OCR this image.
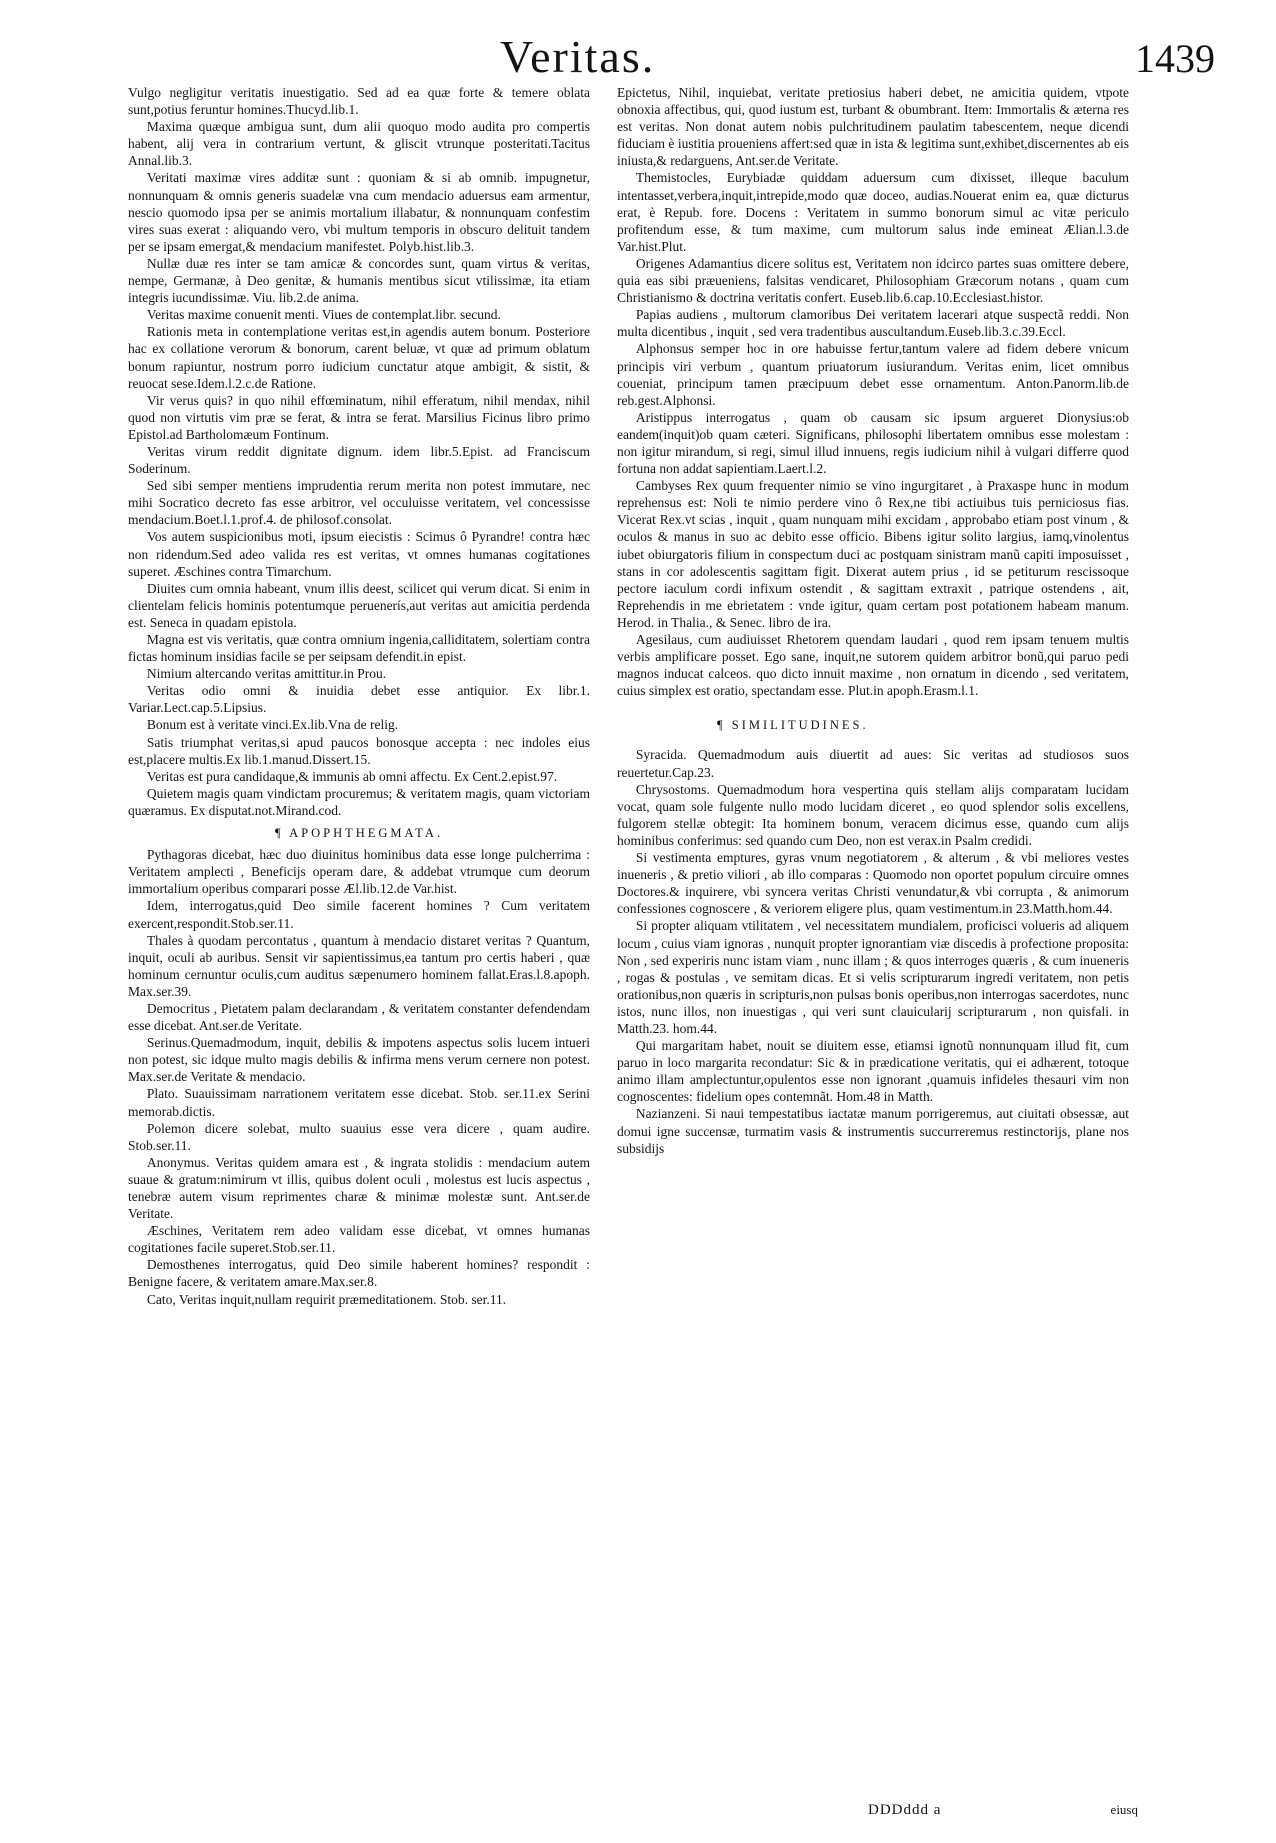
Veritas.	1439

Vulgo negligitur veritatis inuestigatio. Sed ad ea quæ forte & temere oblata sunt,potius feruntur homines.Thucyd.lib.1.

Maxima quæque ambigua sunt, dum alii quoquo modo audita pro compertis habent, alij vera in contrarium vertunt, & gliscit vtrunque posteritati.Tacitus Annal.lib.3.

Veritati maximæ vires additæ sunt : quoniam & si ab omnib. impugnetur, nonnunquam & omnis generis suadelæ vna cum mendacio aduersus eam armentur, nescio quomodo ipsa per se animis mortalium illabatur, & nonnunquam confestim vires suas exerat : aliquando vero, vbi multum temporis in obscuro delituit tandem per se ipsam emergat,& mendacium manifestet. Polyb.hist.lib.3.

Nullæ duæ res inter se tam amicæ & concordes sunt, quam virtus & veritas, nempe, Germanæ, à Deo genitæ, & humanis mentibus sicut vtilissimæ, ita etiam integris iucundissimæ. Viu. lib.2.de anima.

Veritas maxime conuenit menti. Viues de contemplat.libr. secund.

Rationis meta in contemplatione veritas est,in agendis autem bonum. Posteriore hac ex collatione verorum & bonorum, carent beluæ, vt quæ ad primum oblatum bonum rapiuntur, nostrum porro iudicium cunctatur atque ambigit, & sistit, & reuocat sese.Idem.l.2.c.de Ratione.

Vir verus quis? in quo nihil effœminatum, nihil efferatum, nihil mendax, nihil quod non virtutis vim præ se ferat, & intra se ferat. Marsilius Ficinus libro primo Epistol.ad Bartholomæum Fontinum.

Veritas virum reddit dignitate dignum. idem libr.5.Epist. ad Franciscum Soderinum.

Sed sibi semper mentiens imprudentia rerum merita non potest immutare, nec mihi Socratico decreto fas esse arbitror, vel occuluisse veritatem, vel concessisse mendacium.Boet.l.1.prof.4. de philosof.consolat.

Vos autem suspicionibus moti, ipsum eiecistis : Scimus ô Pyrandre! contra hæc non ridendum.Sed adeo valida res est veritas, vt omnes humanas cogitationes superet. Æschines contra Timarchum.

Diuites cum omnia habeant, vnum illis deest, scilicet qui verum dicat. Si enim in clientelam felicis hominis potentumque peruenerís,aut veritas aut amicitia perdenda est. Seneca in quadam epistola.

Magna est vis veritatis, quæ contra omnium ingenia,calliditatem, solertiam contra fictas hominum insidias facile se per seipsam defendit.in epist.

Nimium altercando veritas amittitur.in Prou.

Veritas odio omni & inuidia debet esse antiquior. Ex libr.1. Variar.Lect.cap.5.Lipsius.

Bonum est à veritate vinci.Ex.lib.Vna de relig.

Satis triumphat veritas,si apud paucos bonosque accepta : nec indoles eius est,placere multis.Ex lib.1.manud.Dissert.15.

Veritas est pura candidaque,& immunis ab omni affectu. Ex Cent.2.epist.97.

Quietem magis quam vindictam procuremus; & veritatem magis, quam victoriam quæramus. Ex disputat.not.Mirand.cod.

¶ APOPHTHEGMATA.

Pythagoras dicebat, hæc duo diuinitus hominibus data esse longe pulcherrima : Veritatem amplecti , Beneficijs operam dare, & addebat vtrumque cum deorum immortalium operibus comparari posse Æl.lib.12.de Var.hist.

Idem, interrogatus,quid Deo simile facerent homines ? Cum veritatem exercent,respondit.Stob.ser.11.

Thales à quodam percontatus , quantum à mendacio distaret veritas ? Quantum, inquit, oculi ab auribus. Sensit vir sapientissimus,ea tantum pro certis haberi , quæ hominum cernuntur oculis,cum auditus sæpenumero hominem fallat.Eras.l.8.apoph. Max.ser.39.

Democritus , Pietatem palam declarandam , & veritatem constanter defendendam esse dicebat. Ant.ser.de Veritate.

Serinus.Quemadmodum, inquit, debilis & impotens aspectus solis lucem intueri non potest, sic idque multo magis debilis & infirma mens verum cernere non potest. Max.ser.de Veritate & mendacio.

Plato. Suauissimam narrationem veritatem esse dicebat. Stob. ser.11.ex Serini memorab.dictis.

Polemon dicere solebat, multo suauius esse vera dicere , quam audire. Stob.ser.11.

Anonymus. Veritas quidem amara est , & ingrata stolidis : mendacium autem suaue & gratum:nimirum vt illis, quibus dolent oculi , molestus est lucis aspectus , tenebræ autem visum reprimentes charæ & minimæ molestæ sunt. Ant.ser.de Veritate.

Æschines, Veritatem rem adeo validam esse dicebat, vt omnes humanas cogitationes facile superet.Stob.ser.11.

Demosthenes interrogatus, quid Deo simile haberent homines? respondit : Benigne facere, & veritatem amare.Max.ser.8.

Cato, Veritas inquit,nullam requirit præmeditationem. Stob. ser.11.

Epictetus, Nihil, inquiebat, veritate pretiosius haberi debet, ne amicitia quidem, vtpote obnoxia affectibus, qui, quod iustum est, turbant & obumbrant. Item: Immortalis & æterna res est veritas. Non donat autem nobis pulchritudinem paulatim tabescentem, neque dicendi fiduciam è iustitia proueniens affert:sed quæ in ista & legitima sunt,exhibet,discernentes ab eis iniusta,& redarguens, Ant.ser.de Veritate.

Themistocles, Eurybiadæ quiddam aduersum cum dixisset, illeque baculum intentasset,verbera,inquit,intrepide,modo quæ doceo, audias.Nouerat enim ea, quæ dicturus erat, è Repub. fore. Docens : Veritatem in summo bonorum simul ac vitæ periculo profitendum esse, & tum maxime, cum multorum salus inde emineat Ælian.l.3.de Var.hist.Plut.

Origenes Adamantius dicere solitus est, Veritatem non idcirco partes suas omittere debere, quia eas sibi præueniens, falsitas vendicaret, Philosophiam Græcorum notans , quam cum Christianismo & doctrina veritatis confert. Euseb.lib.6.cap.10.Ecclesiast.histor.

Papias audiens , multorum clamoribus Dei veritatem lacerari atque suspectã reddi. Non multa dicentibus , inquit , sed vera tradentibus auscultandum.Euseb.lib.3.c.39.Eccl.

Alphonsus semper hoc in ore habuisse fertur,tantum valere ad fidem debere vnicum principis viri verbum , quantum priuatorum iusiurandum. Veritas enim, licet omnibus coueniat, principum tamen præcipuum debet esse ornamentum. Anton.Panorm.lib.de reb.gest.Alphonsi.

Aristippus interrogatus , quam ob causam sic ipsum argueret Dionysius:ob eandem(inquit)ob quam cæteri. Significans, philosophi libertatem omnibus esse molestam : non igitur mirandum, si regi, simul illud innuens, regis iudicium nihil à vulgari differre quod fortuna non addat sapientiam.Laert.l.2.

Cambyses Rex quum frequenter nimio se vino ingurgitaret , à Praxaspe hunc in modum reprehensus est: Noli te nimio perdere vino ô Rex,ne tibi actiuibus tuis perniciosus fias. Vicerat Rex.vt scias , inquit , quam nunquam mihi excidam , approbabo etiam post vinum , & oculos & manus in suo ac debito esse officio. Bibens igitur solito largius, iamq,vinolentus iubet obiurgatoris filium in conspectum duci ac postquam sinistram manũ capiti imposuisset , stans in cor adolescentis sagittam figit. Dixerat autem prius , id se petiturum rescissoque pectore iaculum cordi infixum ostendit , & sagittam extraxit , patrique ostendens , ait, Reprehendis in me ebrietatem : vnde igitur, quam certam post potationem habeam manum. Herod. in Thalia., & Senec. libro de ira.

Agesilaus, cum audiuisset Rhetorem quendam laudari , quod rem ipsam tenuem multis verbis amplificare posset. Ego sane, inquit,ne sutorem quidem arbitror bonũ,qui paruo pedi magnos inducat calceos. quo dicto innuit maxime , non ornatum in dicendo , sed veritatem, cuius simplex est oratio, spectandam esse. Plut.in apoph.Erasm.l.1.

¶ SIMILITUDINES.

Syracida. Quemadmodum auis diuertit ad aues: Sic veritas ad studiosos suos reuertetur.Cap.23.

Chrysostoms. Quemadmodum hora vespertina quis stellam alijs comparatam lucidam vocat, quam sole fulgente nullo modo lucidam diceret , eo quod splendor solis excellens, fulgorem stellæ obtegit: Ita hominem bonum, veracem dicimus esse, quando cum alijs hominibus conferimus: sed quando cum Deo, non est verax.in Psalm credidi.

Si vestimenta emptures, gyras vnum negotiatorem , & alterum , & vbi meliores vestes inueneris , & pretio viliori , ab illo comparas : Quomodo non oportet populum circuire omnes Doctores.& inquirere, vbi syncera veritas Christi venundatur,& vbi corrupta , & animorum confessiones cognoscere , & veriorem eligere plus, quam vestimentum.in 23.Matth.hom.44.

Si propter aliquam vtilitatem , vel necessitatem mundialem, proficisci volueris ad aliquem locum , cuius viam ignoras , nunquit propter ignorantiam viæ discedis à profectione proposita: Non , sed experiris nunc istam viam , nunc illam ; & quos interroges quæris , & cum inueneris , rogas & postulas , ve semitam dicas. Et si velis scripturarum ingredi veritatem, non petis orationibus,non quæris in scripturis,non pulsas bonis operibus,non interrogas sacerdotes, nunc istos, nunc illos, non inuestigas , qui veri sunt clauicularij scripturarum , non quisfali. in Matth.23. hom.44.

Qui margaritam habet, nouit se diuitem esse, etiamsi ignotũ nonnunquam illud fit, cum paruo in loco margarita recondatur: Sic & in prædicatione veritatis, qui ei adhærent, totoque animo illam amplectuntur,opulentos esse non ignorant ,quamuis infideles thesauri vim non cognoscentes: fidelium opes contemnãt. Hom.48 in Matth.

Nazianzeni. Si naui tempestatibus iactatæ manum porrigeremus, aut ciuitati obsessæ, aut domui igne succensæ, turmatim vasis & instrumentis succurreremus restinctorijs, plane nos subsidijs

DDDddd a	eiusq
